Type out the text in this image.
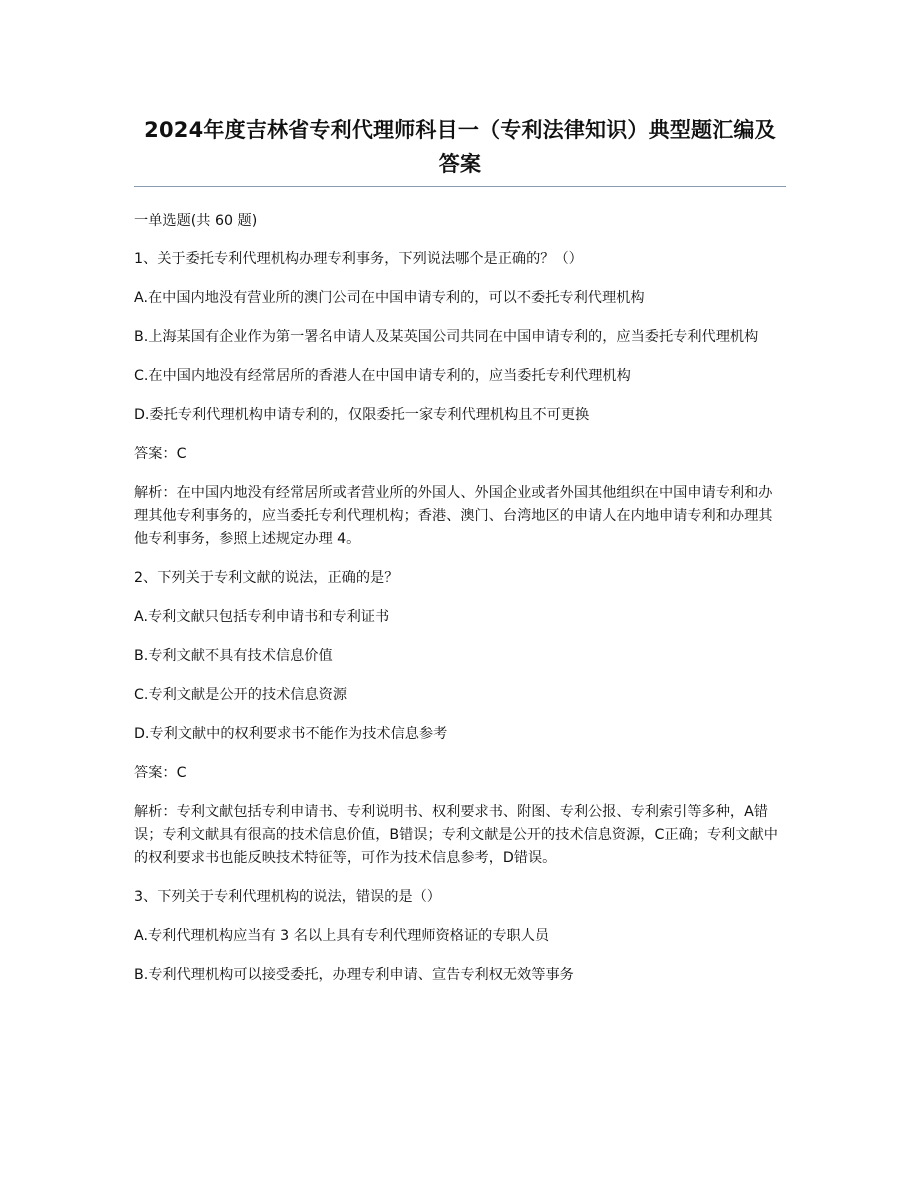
2024年度吉林省专利代理师科目一（专利法律知识）典型题汇编及答案
一单选题(共 60 题)
1、关于委托专利代理机构办理专利事务，下列说法哪个是正确的？（）
A.在中国内地没有营业所的澳门公司在中国申请专利的，可以不委托专利代理机构
B.上海某国有企业作为第一署名申请人及某英国公司共同在中国申请专利的，应当委托专利代理机构
C.在中国内地没有经常居所的香港人在中国申请专利的，应当委托专利代理机构
D.委托专利代理机构申请专利的，仅限委托一家专利代理机构且不可更换
答案：C
解析：在中国内地没有经常居所或者营业所的外国人、外国企业或者外国其他组织在中国申请专利和办理其他专利事务的，应当委托专利代理机构；香港、澳门、台湾地区的申请人在内地申请专利和办理其他专利事务，参照上述规定办理 4。
2、下列关于专利文献的说法，正确的是？
A.专利文献只包括专利申请书和专利证书
B.专利文献不具有技术信息价值
C.专利文献是公开的技术信息资源
D.专利文献中的权利要求书不能作为技术信息参考
答案：C
解析：专利文献包括专利申请书、专利说明书、权利要求书、附图、专利公报、专利索引等多种，A错误；专利文献具有很高的技术信息价值，B错误；专利文献是公开的技术信息资源，C正确；专利文献中的权利要求书也能反映技术特征等，可作为技术信息参考，D错误。
3、下列关于专利代理机构的说法，错误的是（）
A.专利代理机构应当有 3 名以上具有专利代理师资格证的专职人员
B.专利代理机构可以接受委托，办理专利申请、宣告专利权无效等事务
